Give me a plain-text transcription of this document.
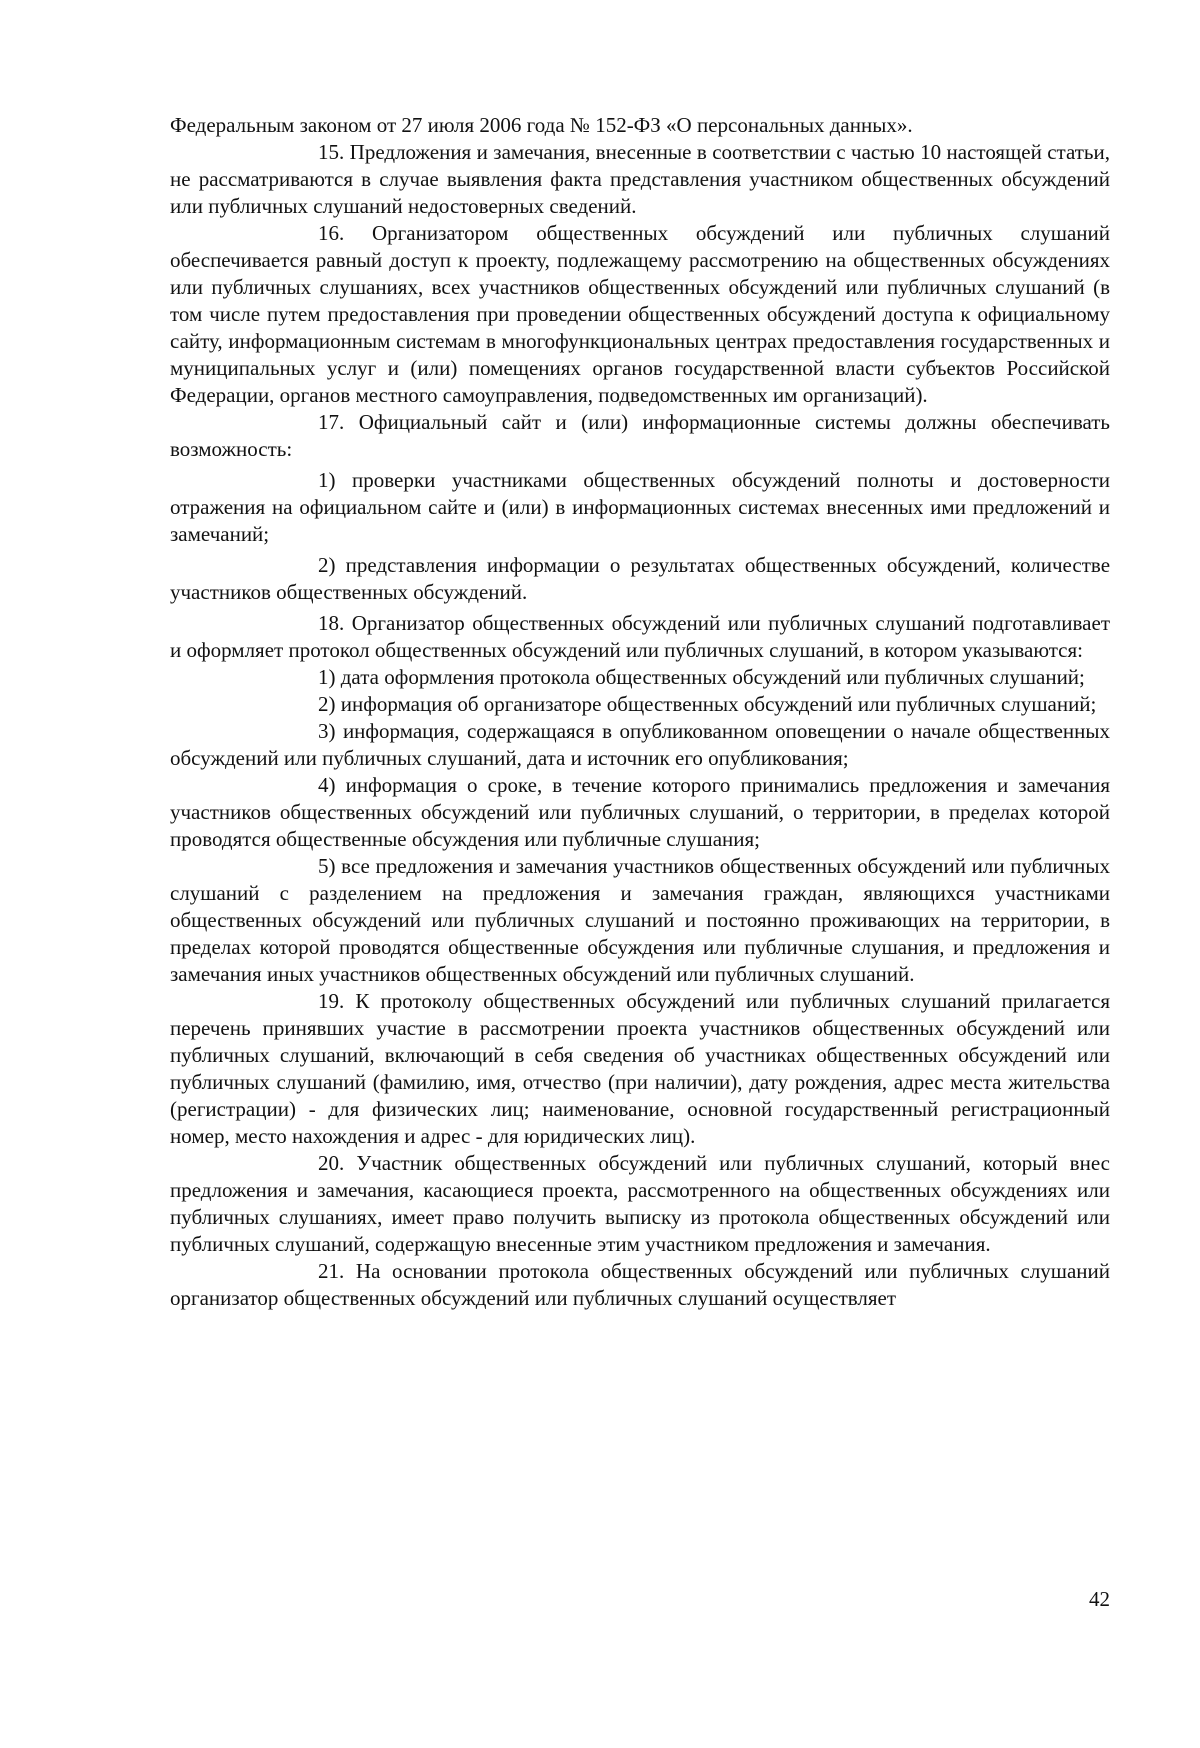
Федеральным законом от 27 июля 2006 года № 152-ФЗ «О персональных данных».

15. Предложения и замечания, внесенные в соответствии с частью 10 настоящей статьи, не рассматриваются в случае выявления факта представления участником общественных обсуждений или публичных слушаний недостоверных сведений.

16. Организатором общественных обсуждений или публичных слушаний обеспечивается равный доступ к проекту, подлежащему рассмотрению на общественных обсуждениях или публичных слушаниях, всех участников общественных обсуждений или публичных слушаний (в том числе путем предоставления при проведении общественных обсуждений доступа к официальному сайту, информационным системам в многофункциональных центрах предоставления государственных и муниципальных услуг и (или) помещениях органов государственной власти субъектов Российской Федерации, органов местного самоуправления, подведомственных им организаций).

17. Официальный сайт и (или) информационные системы должны обеспечивать возможность:

1) проверки участниками общественных обсуждений полноты и достоверности отражения на официальном сайте и (или) в информационных системах внесенных ими предложений и замечаний;

2) представления информации о результатах общественных обсуждений, количестве участников общественных обсуждений.

18. Организатор общественных обсуждений или публичных слушаний подготавливает и оформляет протокол общественных обсуждений или публичных слушаний, в котором указываются:

1) дата оформления протокола общественных обсуждений или публичных слушаний;

2) информация об организаторе общественных обсуждений или публичных слушаний;

3) информация, содержащаяся в опубликованном оповещении о начале общественных обсуждений или публичных слушаний, дата и источник его опубликования;

4) информация о сроке, в течение которого принимались предложения и замечания участников общественных обсуждений или публичных слушаний, о территории, в пределах которой проводятся общественные обсуждения или публичные слушания;

5) все предложения и замечания участников общественных обсуждений или публичных слушаний с разделением на предложения и замечания граждан, являющихся участниками общественных обсуждений или публичных слушаний и постоянно проживающих на территории, в пределах которой проводятся общественные обсуждения или публичные слушания, и предложения и замечания иных участников общественных обсуждений или публичных слушаний.

19. К протоколу общественных обсуждений или публичных слушаний прилагается перечень принявших участие в рассмотрении проекта участников общественных обсуждений или публичных слушаний, включающий в себя сведения об участниках общественных обсуждений или публичных слушаний (фамилию, имя, отчество (при наличии), дату рождения, адрес места жительства (регистрации) - для физических лиц; наименование, основной государственный регистрационный номер, место нахождения и адрес - для юридических лиц).

20. Участник общественных обсуждений или публичных слушаний, который внес предложения и замечания, касающиеся проекта, рассмотренного на общественных обсуждениях или публичных слушаниях, имеет право получить выписку из протокола общественных обсуждений или публичных слушаний, содержащую внесенные этим участником предложения и замечания.

21. На основании протокола общественных обсуждений или публичных слушаний организатор общественных обсуждений или публичных слушаний осуществляет

42
